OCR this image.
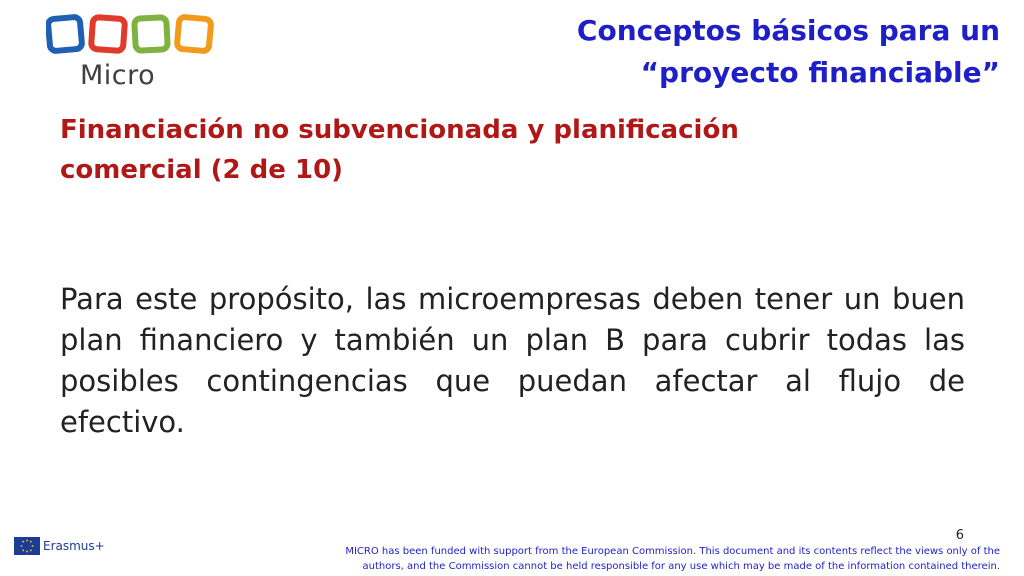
Micro
Conceptos básicos para un
“proyecto financiable”
Financiación no subvencionada y planificación
comercial (2 de 10)
Para este propósito, las microempresas deben tener un buen plan financiero y también un plan B para cubrir todas las posibles contingencias que puedan afectar al flujo de efectivo.
6
Erasmus+	MICRO has been funded with support from the European Commission. This document and its contents reflect the views only of the
authors, and the Commission cannot be held responsible for any use which may be made of the information contained therein.
